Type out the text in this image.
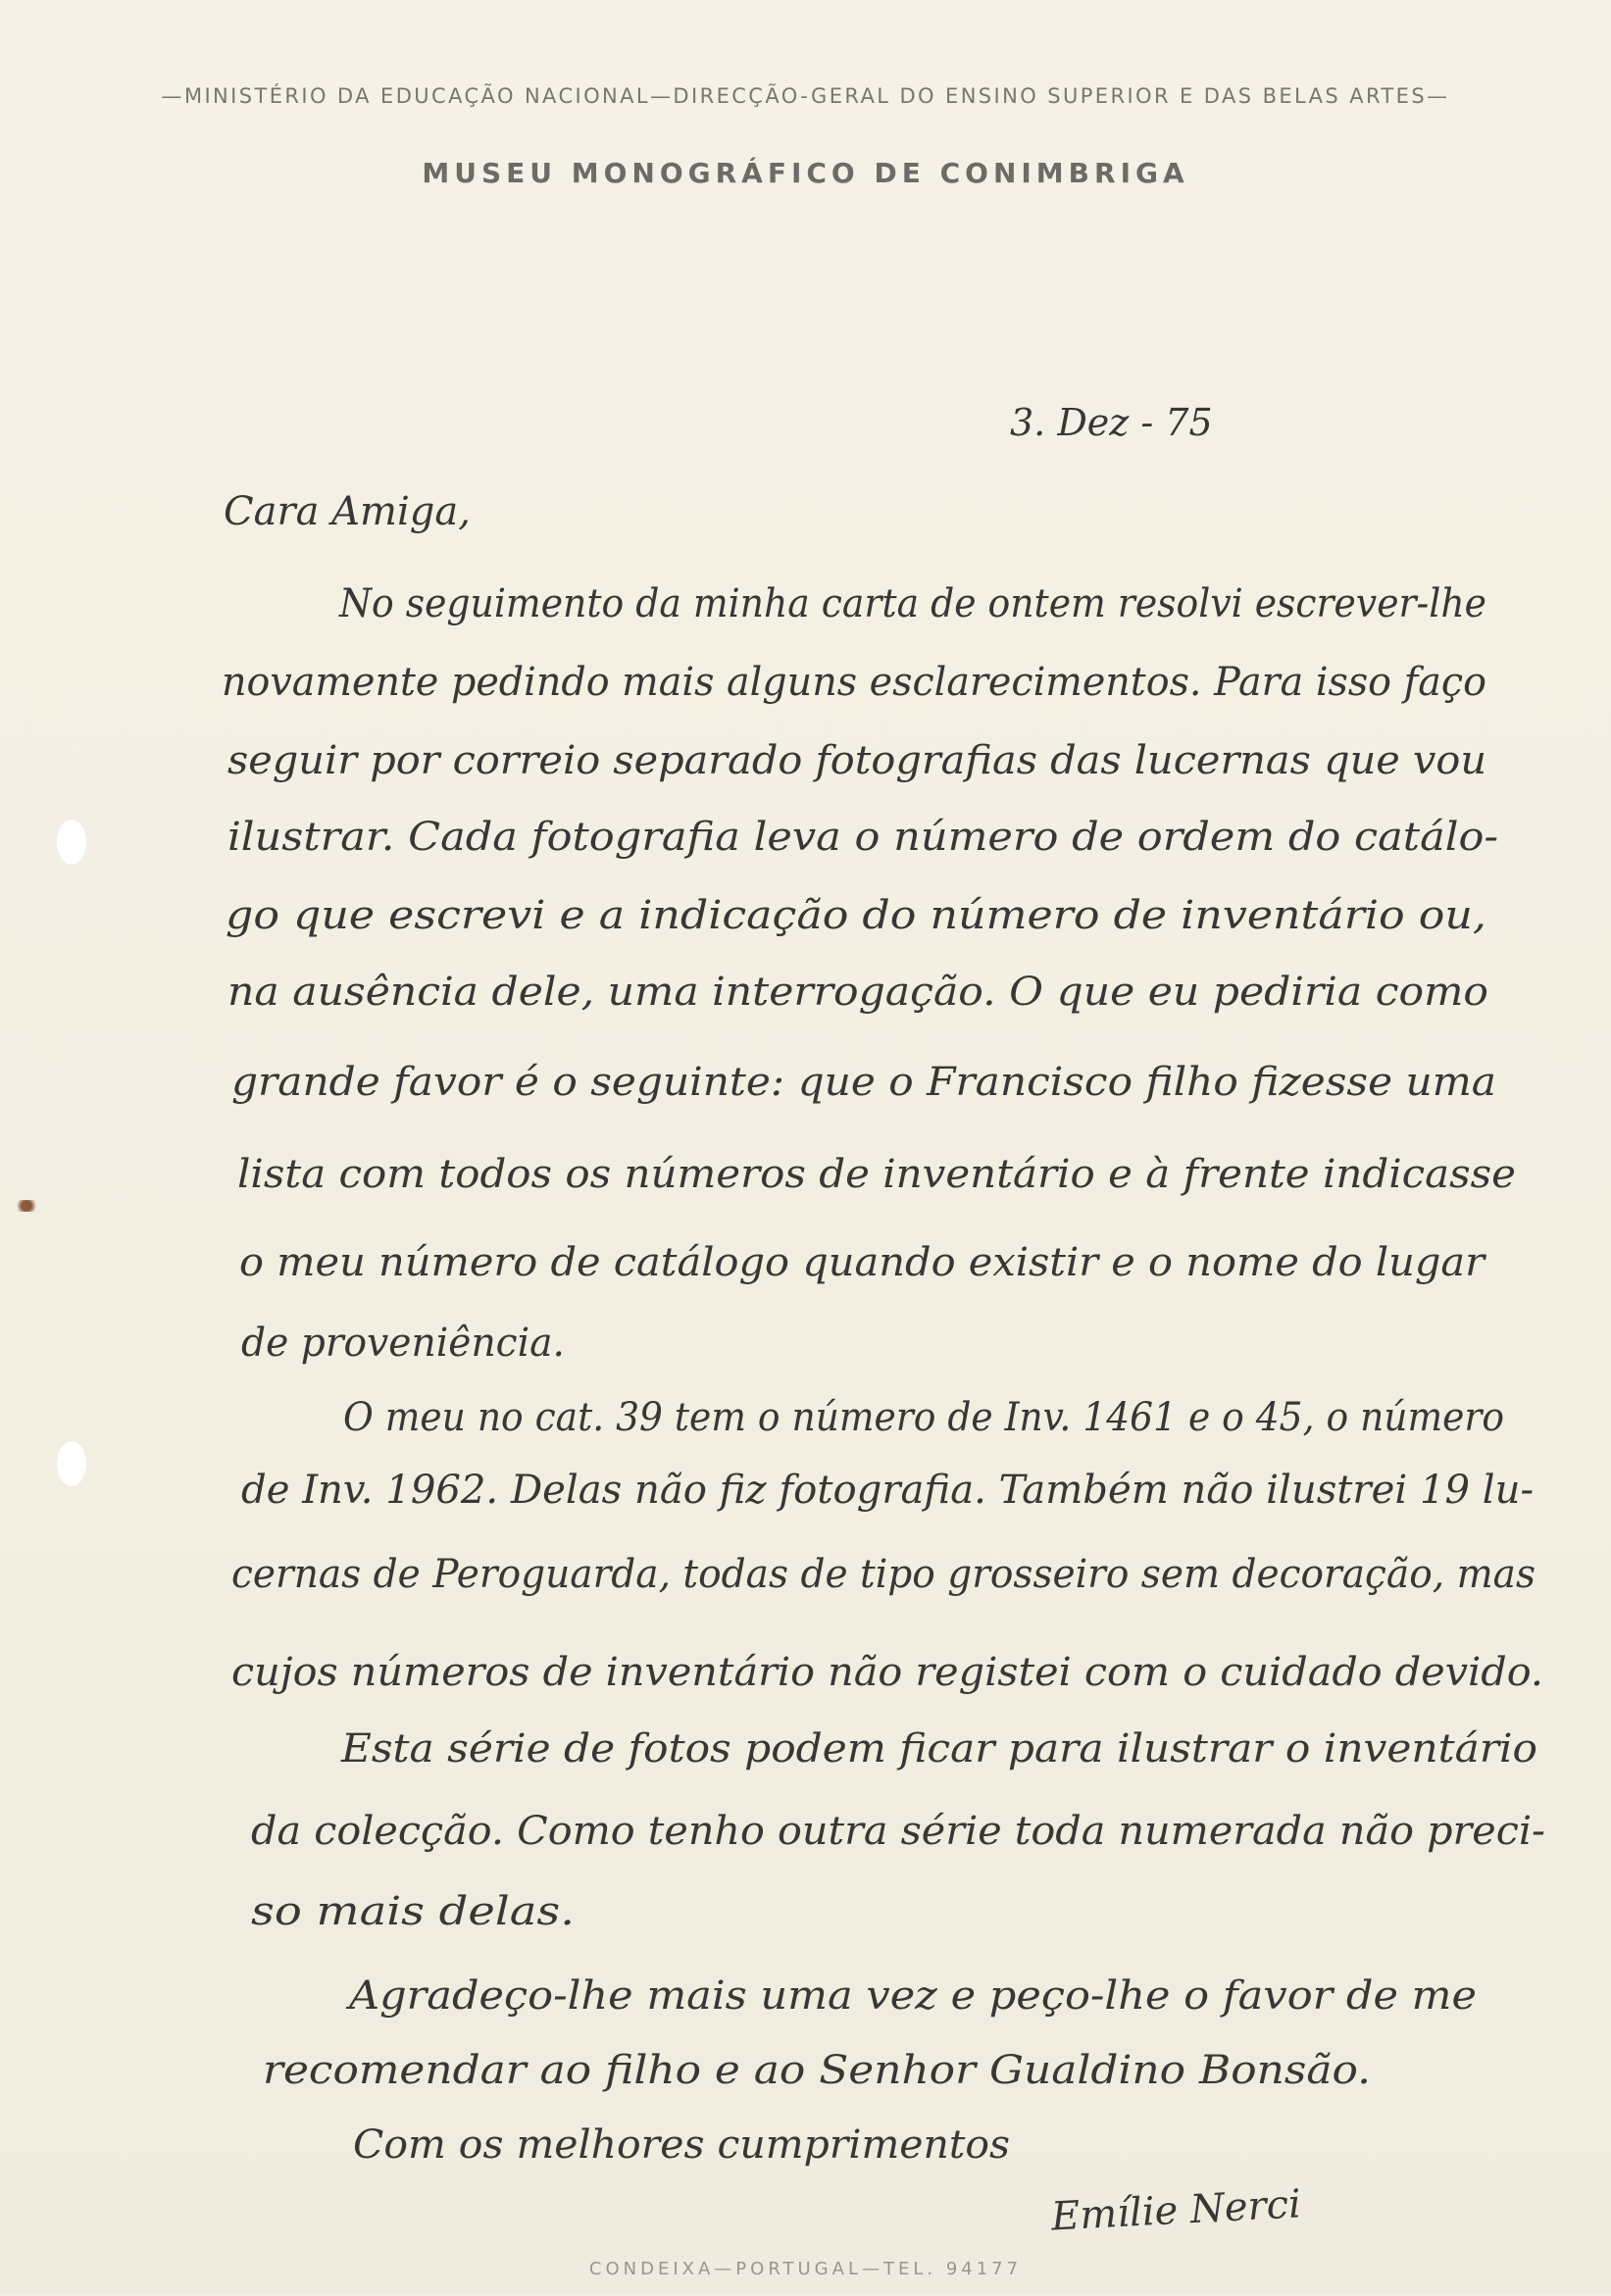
—MINISTÉRIO DA EDUCAÇÃO NACIONAL—DIRECÇÃO-GERAL DO ENSINO SUPERIOR E DAS BELAS ARTES—
MUSEU MONOGRÁFICO DE CONIMBRIGA
3. Dez - 75
Cara Amiga,
No seguimento da minha carta de ontem resolvi escrever-lhe
novamente pedindo mais alguns esclarecimentos. Para isso faço
seguir por correio separado fotografias das lucernas que vou
ilustrar. Cada fotografia leva o número de ordem do catálo-
go que escrevi e a indicação do número de inventário ou,
na ausência dele, uma interrogação. O que eu pediria como
grande favor é o seguinte: que o Francisco filho fizesse uma
lista com todos os números de inventário e à frente indicasse
o meu número de catálogo quando existir e o nome do lugar
de proveniência.
O meu no cat. 39 tem o número de Inv. 1461 e o 45, o número
de Inv. 1962. Delas não fiz fotografia. Também não ilustrei 19 lu-
cernas de Peroguarda, todas de tipo grosseiro sem decoração, mas
cujos números de inventário não registei com o cuidado devido.
Esta série de fotos podem ficar para ilustrar o inventário
da colecção. Como tenho outra série toda numerada não preci-
so mais delas.
Agradeço-lhe mais uma vez e peço-lhe o favor de me
recomendar ao filho e ao Senhor Gualdino Bonsão.
Com os melhores cumprimentos
Emílie Nerci
CONDEIXA—PORTUGAL—TEL. 94177
